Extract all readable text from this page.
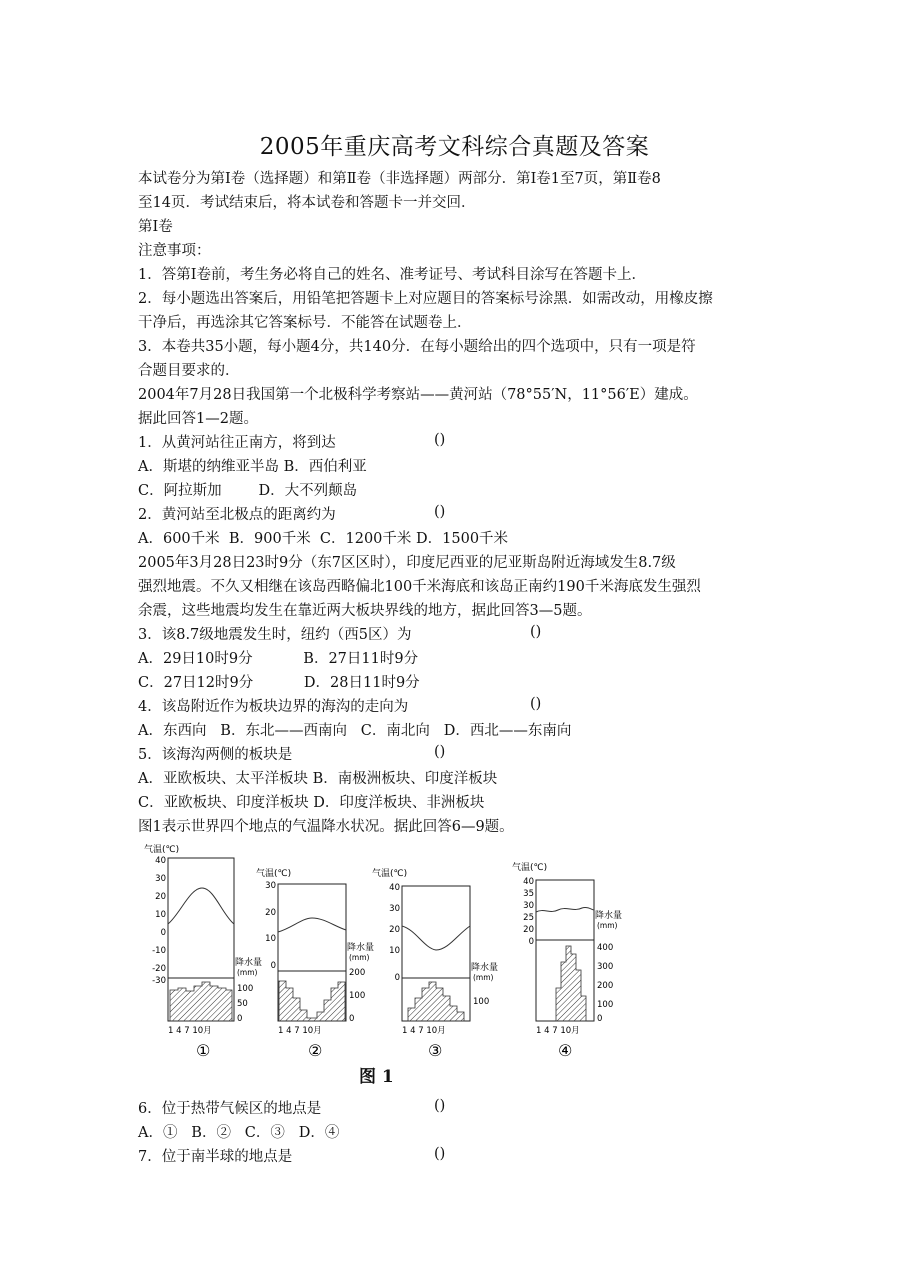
2005年重庆高考文科综合真题及答案
本试卷分为第Ⅰ卷（选择题）和第Ⅱ卷（非选择题）两部分．第Ⅰ卷1至7页，第Ⅱ卷8
至14页．考试结束后，将本试卷和答题卡一并交回．
第Ⅰ卷
注意事项：
1．答第Ⅰ卷前，考生务必将自己的姓名、准考证号、考试科目涂写在答题卡上．
2．每小题选出答案后，用铅笔把答题卡上对应题目的答案标号涂黑．如需改动，用橡皮擦
干净后，再选涂其它答案标号．不能答在试题卷上．
3．本卷共35小题，每小题4分，共140分．在每小题给出的四个选项中，只有一项是符
合题目要求的．
2004年7月28日我国第一个北极科学考察站——黄河站（78°55′N，11°56′E）建成。
据此回答1—2题。
1．从黄河站往正南方，将到达	()
A．斯堪的纳维亚半岛 B．西伯利亚
C．阿拉斯加        D．大不列颠岛
2．黄河站至北极点的距离约为	()
A．600千米  B．900千米  C．1200千米 D．1500千米
2005年3月28日23时9分（东7区区时），印度尼西亚的尼亚斯岛附近海域发生8.7级
强烈地震。不久又相继在该岛西略偏北100千米海底和该岛正南约190千米海底发生强烈
余震，这些地震均发生在靠近两大板块界线的地方，据此回答3—5题。
3．该8.7级地震发生时，纽约（西5区）为	()
A．29日10时9分           B．27日11时9分
C．27日12时9分           D．28日11时9分
4．该岛附近作为板块边界的海沟的走向为	()
A．东西向   B．东北——西南向   C．南北向   D．西北——东南向
5．该海沟两侧的板块是	()
A．亚欧板块、太平洋板块 B．南极洲板块、印度洋板块
C．亚欧板块、印度洋板块 D．印度洋板块、非洲板块
图1表示世界四个地点的气温降水状况。据此回答6—9题。
气温(℃)
40
30
20
10
0
-10
-20
-30
降水量
(mm)
100
50
0
1 4 7 10月
①
气温(℃)
30
20
10
0
降水量
(mm)
200
100
0
1 4 7 10月
②
气温(℃)
40
30
20
10
0
降水量
(mm)
100
1 4 7 10月
③
气温(℃)
40
35
30
25
20
0
降水量
(mm)
400
300
200
100
0
1 4 7 10月
④
图 1
6．位于热带气候区的地点是	()
A．①   B．②   C．③   D．④
7．位于南半球的地点是	()
